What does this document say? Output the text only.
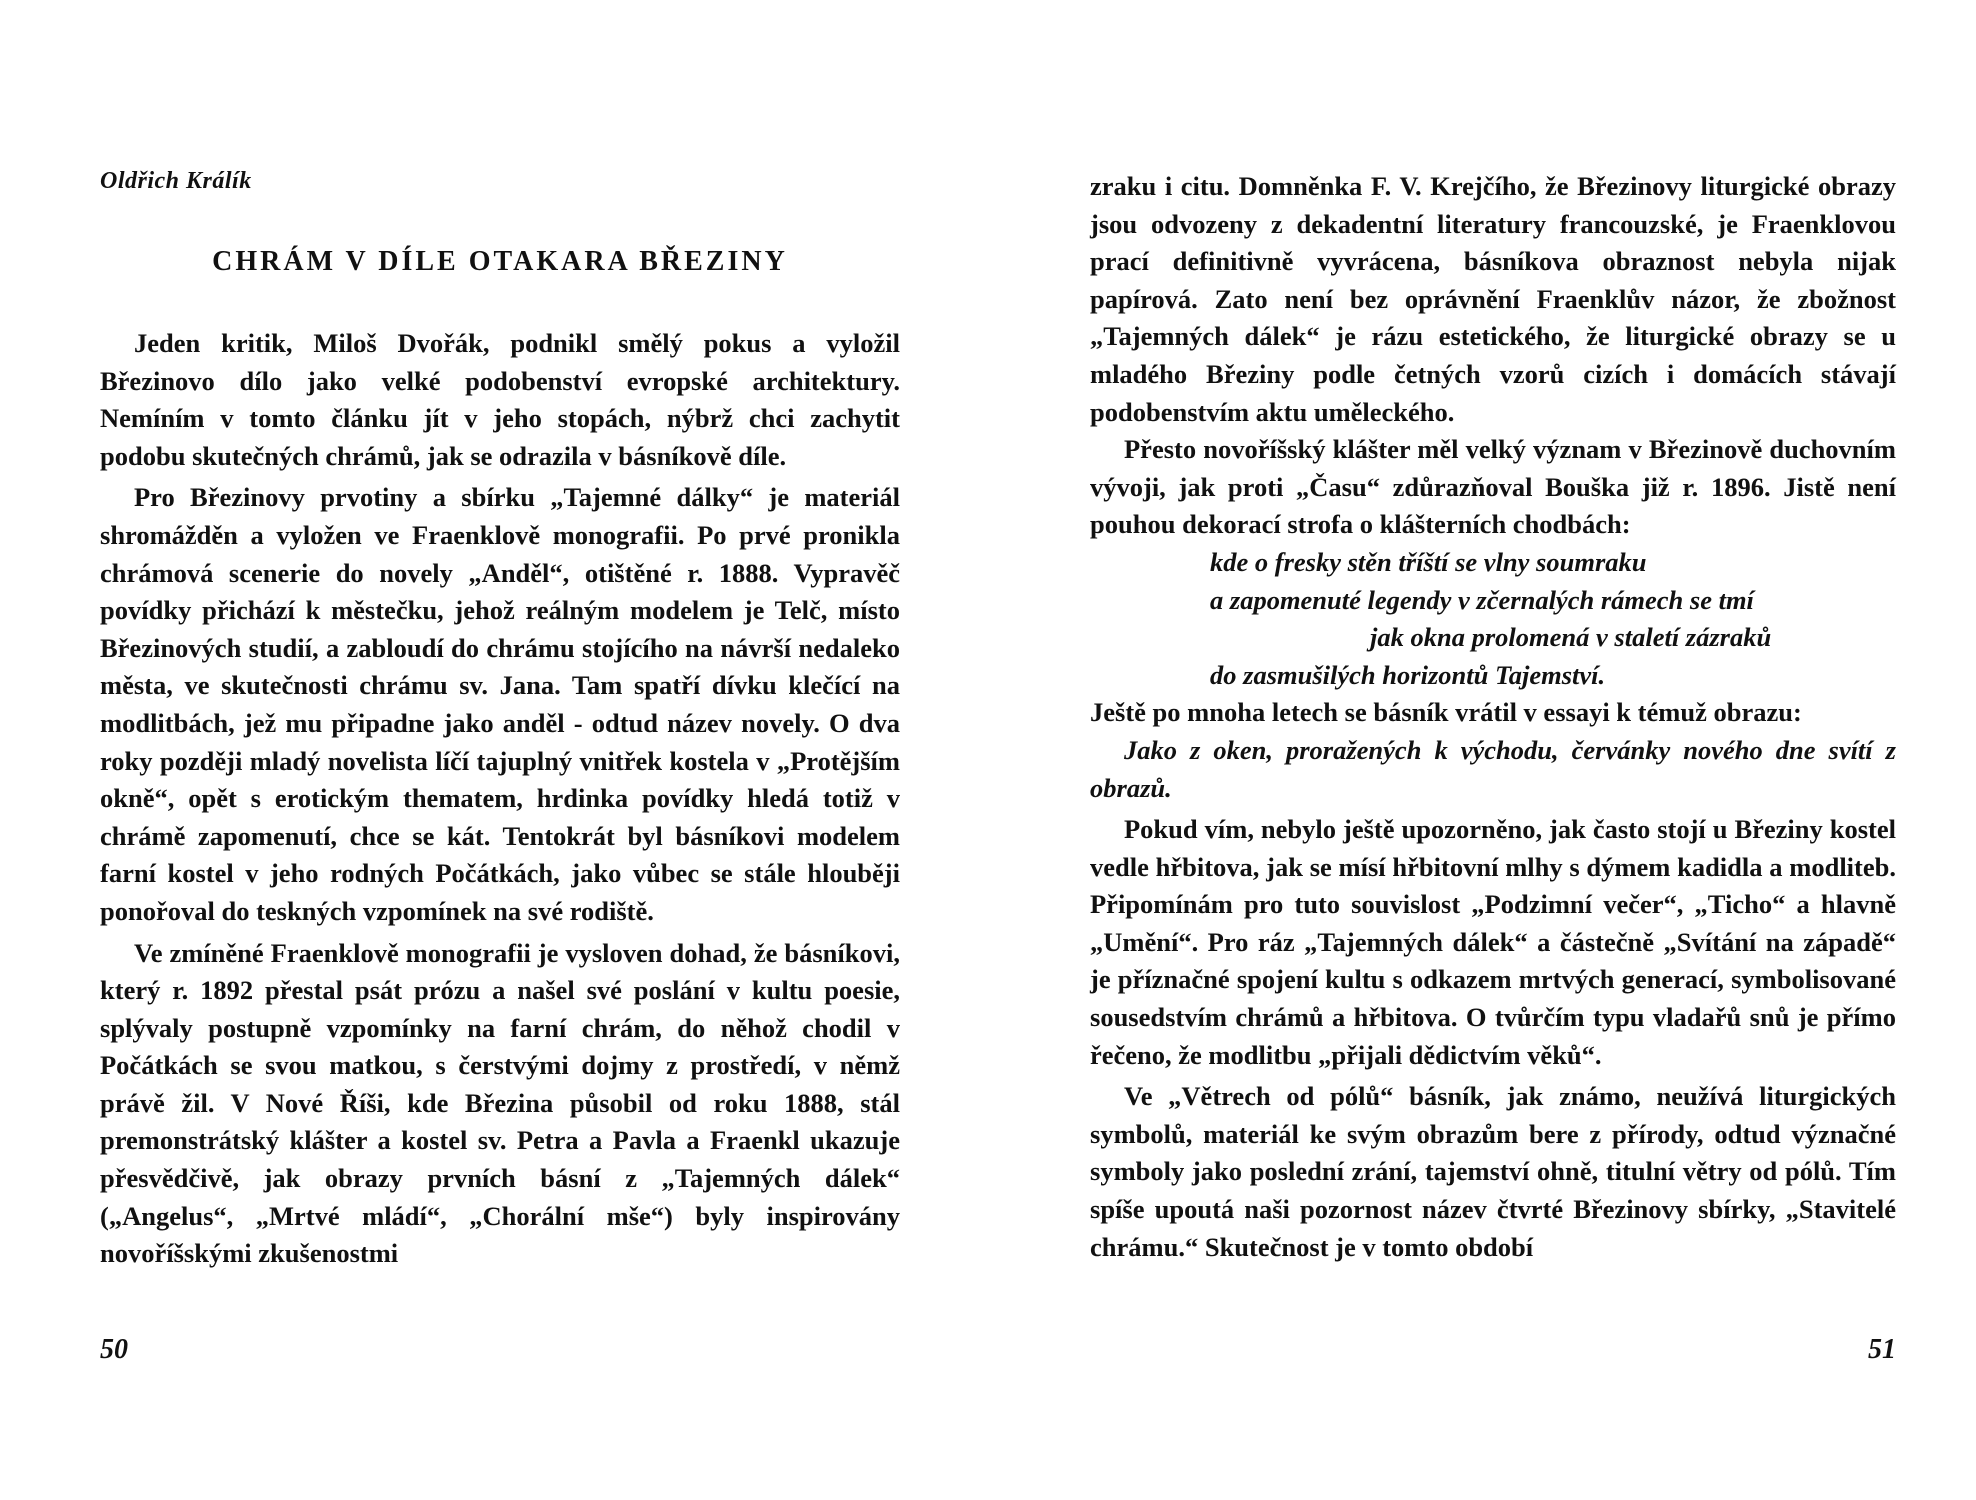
Oldřich Králík

CHRÁM V DÍLE OTAKARA BŘEZINY

Jeden kritik, Miloš Dvořák, podnikl smělý pokus a vyložil Březinovo dílo jako velké podobenství evropské architektury. Nemíním v tomto článku jít v jeho stopách, nýbrž chci zachytit podobu skutečných chrámů, jak se odrazila v básníkově díle.

Pro Březinovy prvotiny a sbírku „Tajemné dálky“ je materiál shromážděn a vyložen ve Fraenklově monografii. Po prvé pronikla chrámová scenerie do novely „Anděl“, otištěné r. 1888. Vypravěč povídky přichází k městečku, jehož reálným modelem je Telč, místo Březinových studií, a zabloudí do chrámu stojícího na návrší nedaleko města, ve skutečnosti chrámu sv. Jana. Tam spatří dívku klečící na modlitbách, jež mu připadne jako anděl - odtud název novely. O dva roky později mladý novelista líčí tajuplný vnitřek kostela v „Protějším okně“, opět s erotickým thematem, hrdinka povídky hledá totiž v chrámě zapomenutí, chce se kát. Tentokrát byl básníkovi modelem farní kostel v jeho rodných Počátkách, jako vůbec se stále hlouběji ponořoval do teskných vzpomínek na své rodiště.

Ve zmíněné Fraenklově monografii je vysloven dohad, že básníkovi, který r. 1892 přestal psát prózu a našel své poslání v kultu poesie, splývaly postupně vzpomínky na farní chrám, do něhož chodil v Počátkách se svou matkou, s čerstvými dojmy z prostředí, v němž právě žil. V Nové Říši, kde Březina působil od roku 1888, stál premonstrátský klášter a kostel sv. Petra a Pavla a Fraenkl ukazuje přesvědčivě, jak obrazy prvních básní z „Tajemných dálek“ („Angelus“, „Mrtvé mládí“, „Chorální mše“) byly inspirovány novoříšskými zkušenostmi

50

zraku i citu. Domněnka F. V. Krejčího, že Březinovy liturgické obrazy jsou odvozeny z dekadentní literatury francouzské, je Fraenklovou prací definitivně vyvrácena, básníkova obraznost nebyla nijak papírová. Zato není bez oprávnění Fraenklův názor, že zbožnost „Tajemných dálek“ je rázu estetického, že liturgické obrazy se u mladého Březiny podle četných vzorů cizích i domácích stávají podobenstvím aktu uměleckého.

Přesto novoříšský klášter měl velký význam v Březinově duchovním vývoji, jak proti „Času“ zdůrazňoval Bouška již r. 1896. Jistě není pouhou dekorací strofa o klášterních chodbách:

kde o fresky stěn tříští se vlny soumraku
a zapomenuté legendy v zčernalých rámech se tmí
jak okna prolomená v staletí zázraků
do zasmušilých horizontů Tajemství.

Ještě po mnoha letech se básník vrátil v essayi k témuž obrazu:

Jako z oken, proražených k východu, červánky nového dne svítí z obrazů.

Pokud vím, nebylo ještě upozorněno, jak často stojí u Březiny kostel vedle hřbitova, jak se mísí hřbitovní mlhy s dýmem kadidla a modliteb. Připomínám pro tuto souvislost „Podzimní večer“, „Ticho“ a hlavně „Umění“. Pro ráz „Tajemných dálek“ a částečně „Svítání na západě“ je příznačné spojení kultu s odkazem mrtvých generací, symbolisované sousedstvím chrámů a hřbitova. O tvůrčím typu vladařů snů je přímo řečeno, že modlitbu „přijali dědictvím věků“.

Ve „Větrech od pólů“ básník, jak známo, neužívá liturgických symbolů, materiál ke svým obrazům bere z přírody, odtud význačné symboly jako poslední zrání, tajemství ohně, titulní větry od pólů. Tím spíše upoutá naši pozornost název čtvrté Březinovy sbírky, „Stavitelé chrámu.“ Skutečnost je v tomto období

51
